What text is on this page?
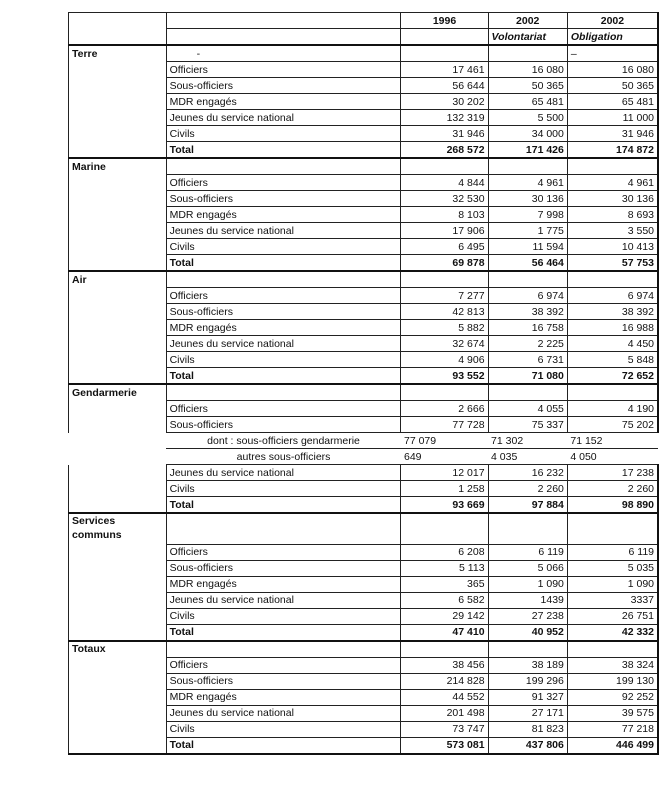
		1996	2002	2002
			Volontariat	Obligation
Terre	-			–
	Officiers	17 461	16 080	16 080
	Sous-officiers	56 644	50 365	50 365
	MDR engagés	30 202	65 481	65 481
	Jeunes du service national	132 319	5 500	11 000
	Civils	31 946	34 000	31 946
	Total	268 572	171 426	174 872
Marine				
	Officiers	4 844	4 961	4 961
	Sous-officiers	32 530	30 136	30 136
	MDR engagés	8 103	7 998	8 693
	Jeunes du service national	17 906	1 775	3 550
	Civils	6 495	11 594	10 413
	Total	69 878	56 464	57 753
Air				
	Officiers	7 277	6 974	6 974
	Sous-officiers	42 813	38 392	38 392
	MDR engagés	5 882	16 758	16 988
	Jeunes du service national	32 674	2 225	4 450
	Civils	4 906	6 731	5 848
	Total	93 552	71 080	72 652
Gendarmerie				
	Officiers	2 666	4 055	4 190
	Sous-officiers	77 728	75 337	75 202
	dont : sous-officiers gendarmerie	77 079	71 302	71 152
	autres sous-officiers	649	4 035	4 050
	Jeunes du service national	12 017	16 232	17 238
	Civils	1 258	2 260	2 260
	Total	93 669	97 884	98 890
Services communs				
	Officiers	6 208	6 119	6 119
	Sous-officiers	5 113	5 066	5 035
	MDR engagés	365	1 090	1 090
	Jeunes du service national	6 582	1439	3337
	Civils	29 142	27 238	26 751
	Total	47 410	40 952	42 332
Totaux				
	Officiers	38 456	38 189	38 324
	Sous-officiers	214 828	199 296	199 130
	MDR engagés	44 552	91 327	92 252
	Jeunes du service national	201 498	27 171	39 575
	Civils	73 747	81 823	77 218
	Total	573 081	437 806	446 499
